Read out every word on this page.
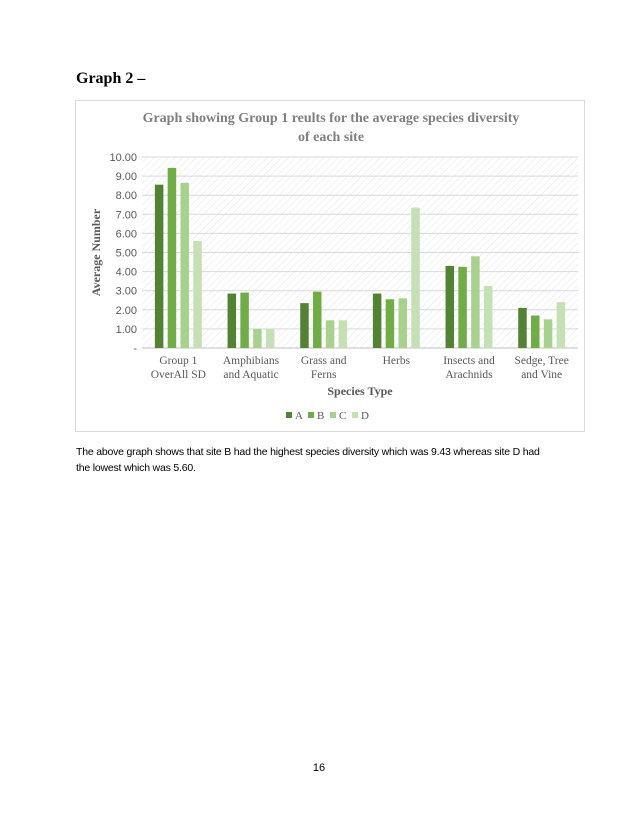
Graph 2 –
Graph showing Group 1 reults for the average species diversity
of each site
-
1.00
2.00
3.00
4.00
5.00
6.00
7.00
8.00
9.00
10.00
Group 1
OverAll SD
Amphibians
and Aquatic
Grass and
Ferns
Herbs	Insects and
Arachnids
Sedge, Tree
and Vine
Species Type
Average Number
A B C D
The above graph shows that site B had the highest species diversity which was 9.43 whereas site D had
the lowest which was 5.60.
16
